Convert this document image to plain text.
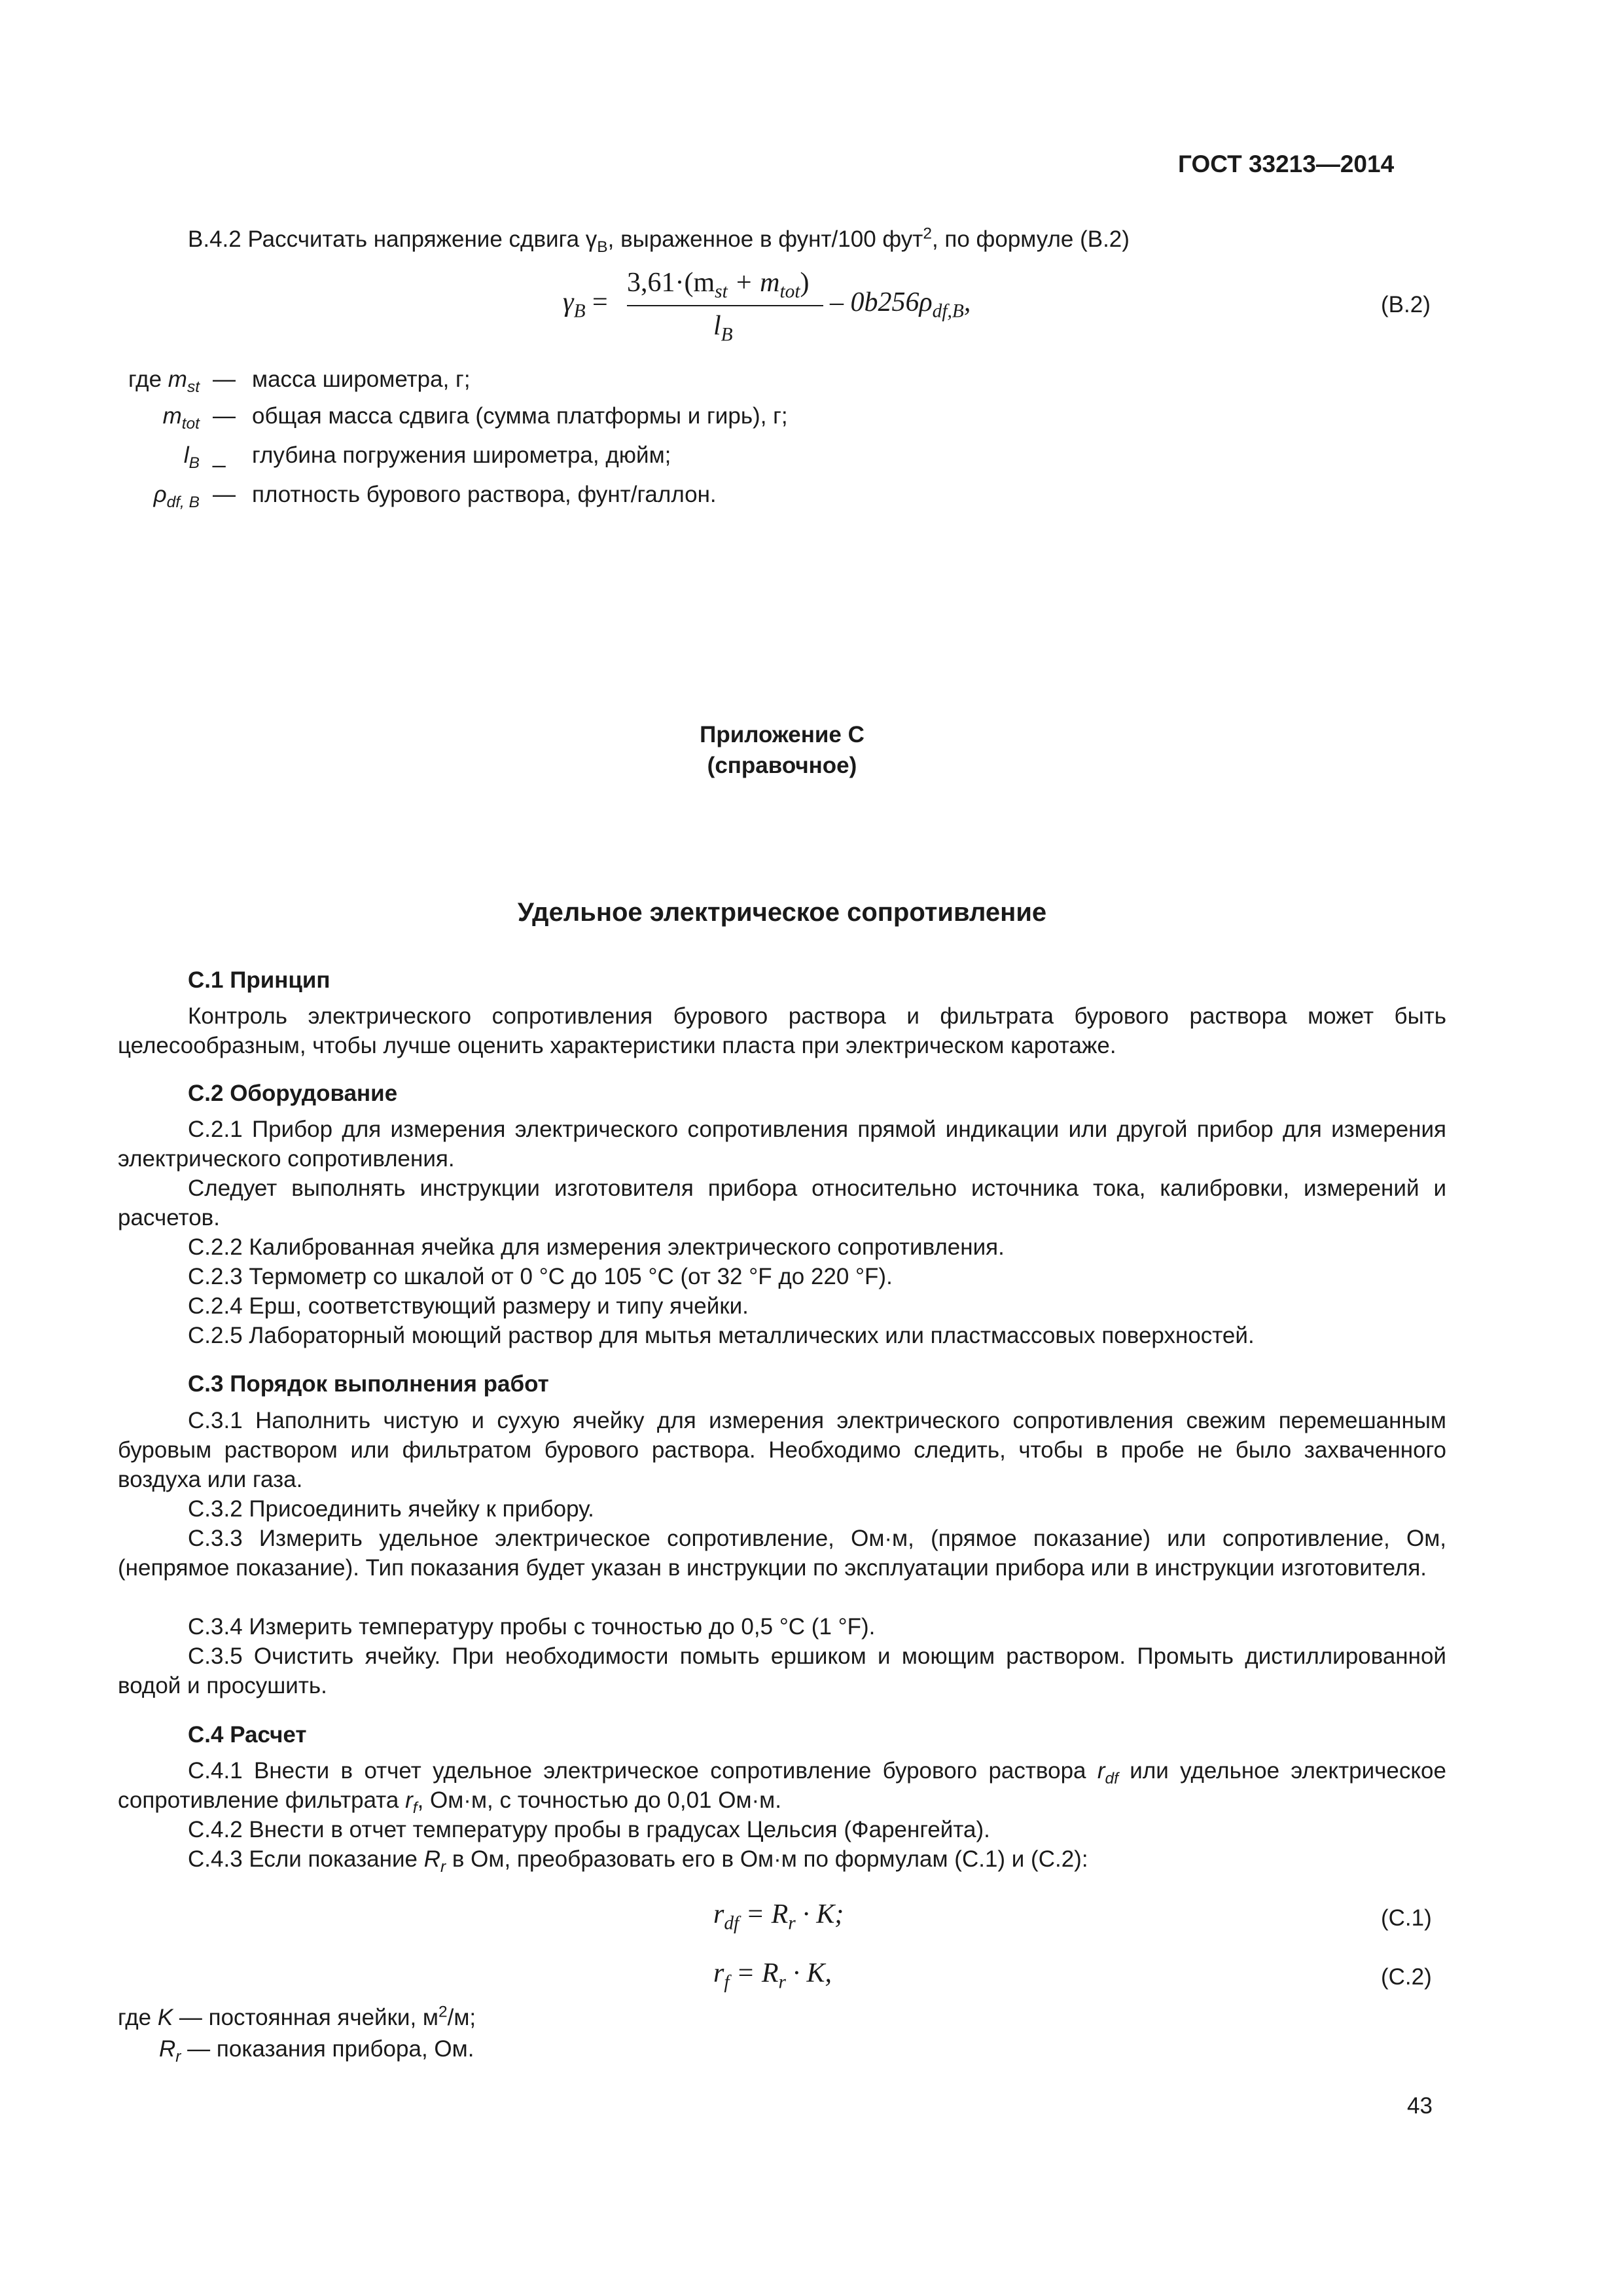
ГОСТ 33213—2014
В.4.2 Рассчитать напряжение сдвига $\gamma_В$, выраженное в фунт/100 фут$^2$, по формуле (В.2)
$\gamma_B$ =
$3,61\cdot(m_{st} + m_{tot})$
$l_B$
– $0b256\rho_{df,B}$,	(В.2)
где $m_{st}$ — масса широметра, г;
$m_{tot}$ — общая масса сдвига (сумма платформы и гирь), г;
$l_B$ _ глубина погружения широметра, дюйм;
$\rho_{df, B}$ — плотность бурового раствора, фунт/галлон.
Приложение С
(справочное)
Удельное электрическое сопротивление
С.1 Принцип
Контроль электрического сопротивления бурового раствора и фильтрата бурового раствора может быть целесообразным, чтобы лучше оценить характеристики пласта при электрическом каротаже.
С.2 Оборудование
С.2.1 Прибор для измерения электрического сопротивления прямой индикации или другой прибор для измерения электрического сопротивления.
Следует выполнять инструкции изготовителя прибора относительно источника тока, калибровки, измерений и расчетов.
С.2.2 Калиброванная ячейка для измерения электрического сопротивления.
С.2.3 Термометр со шкалой от 0 °С до 105 °С (от 32 °F до 220 °F).
С.2.4 Ерш, соответствующий размеру и типу ячейки.
С.2.5 Лабораторный моющий раствор для мытья металлических или пластмассовых поверхностей.
С.3 Порядок выполнения работ
С.3.1 Наполнить чистую и сухую ячейку для измерения электрического сопротивления свежим перемешанным буровым раствором или фильтратом бурового раствора. Необходимо следить, чтобы в пробе не было захваченного воздуха или газа.
С.3.2 Присоединить ячейку к прибору.
С.3.3 Измерить удельное электрическое сопротивление, Ом·м, (прямое показание) или сопротивление, Ом, (непрямое показание). Тип показания будет указан в инструкции по эксплуатации прибора или в инструкции изготовителя.
С.3.4 Измерить температуру пробы с точностью до 0,5 °С (1 °F).
С.3.5 Очистить ячейку. При необходимости помыть ершиком и моющим раствором. Промыть дистиллированной водой и просушить.
С.4 Расчет
С.4.1 Внести в отчет удельное электрическое сопротивление бурового раствора $r_{df}$ или удельное электрическое сопротивление фильтрата $r_f$, Ом·м, с точностью до 0,01 Ом·м.
С.4.2 Внести в отчет температуру пробы в градусах Цельсия (Фаренгейта).
С.4.3 Если показание $R_r$ в Ом, преобразовать его в Ом·м по формулам (С.1) и (С.2):
$r_{df} = R_r \cdot K$;	(С.1)
$r_f = R_r \cdot K$,	(С.2)
где K — постоянная ячейки, $м^2/м$;
$R_r$ — показания прибора, Ом.
43
